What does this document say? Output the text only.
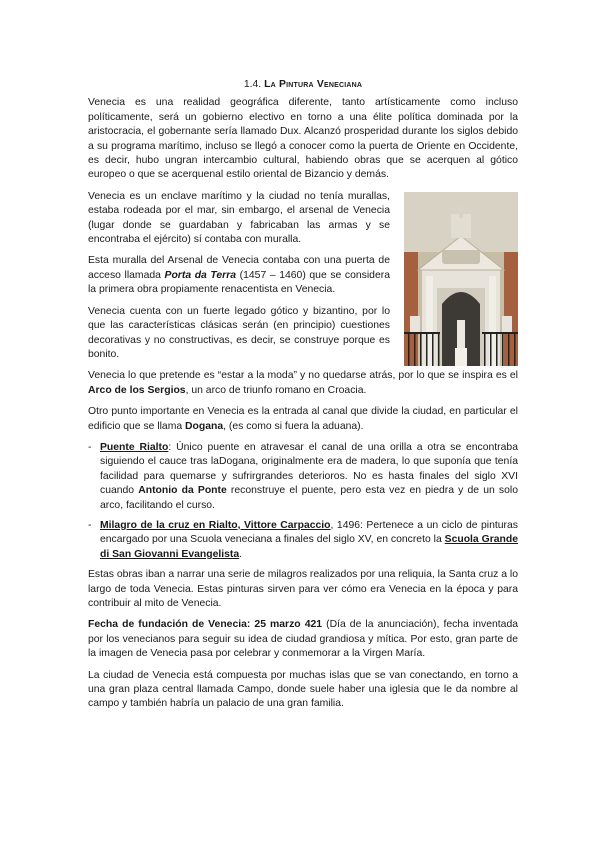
1.4. La Pintura Veneciana

Venecia es una realidad geográfica diferente, tanto artísticamente como incluso políticamente, será un gobierno electivo en torno a una élite política dominada por la aristocracia, el gobernante sería llamado Dux. Alcanzó prosperidad durante los siglos debido a su programa marítimo, incluso se llegó a conocer como la puerta de Oriente en Occidente, es decir, hubo ungran intercambio cultural, habiendo obras que se acerquen al gótico europeo o que se acerquenal estilo oriental de Bizancio y demás.

Venecia es un enclave marítimo y la ciudad no tenía murallas, estaba rodeada por el mar, sin embargo, el arsenal de Venecia (lugar donde se guardaban y fabricaban las armas y se encontraba el ejército) sí contaba con muralla.

Esta muralla del Arsenal de Venecia contaba con una puerta de acceso llamada Porta da Terra (1457 – 1460) que se considera la primera obra propiamente renacentista en Venecia.

Venecia cuenta con un fuerte legado gótico y bizantino, por lo que las características clásicas serán (en principio) cuestiones decorativas y no constructivas, es decir, se construye porque es bonito.

Venecia lo que pretende es “estar a la moda” y no quedarse atrás, por lo que se inspira es el Arco de los Sergios, un arco de triunfo romano en Croacia.

Otro punto importante en Venecia es la entrada al canal que divide la ciudad, en particular el edificio que se llama Dogana, (es como si fuera la aduana).

- Puente Rialto: Único puente en atravesar el canal de una orilla a otra se encontraba siguiendo el cauce tras laDogana, originalmente era de madera, lo que suponía que tenía facilidad para quemarse y sufrirgrandes deterioros. No es hasta finales del siglo XVI cuando Antonio da Ponte reconstruye el puente, pero esta vez en piedra y de un solo arco, facilitando el curso.
- Milagro de la cruz en Rialto, Vittore Carpaccio, 1496: Pertenece a un ciclo de pinturas encargado por una Scuola veneciana a finales del siglo XV, en concreto la Scuola Grande di San Giovanni Evangelista.

Estas obras iban a narrar una serie de milagros realizados por una reliquia, la Santa cruz a lo largo de toda Venecia. Estas pinturas sirven para ver cómo era Venecia en la época y para contribuir al mito de Venecia.

Fecha de fundación de Venecia: 25 marzo 421 (Día de la anunciación), fecha inventada por los venecianos para seguir su idea de ciudad grandiosa y mítica. Por esto, gran parte de la imagen de Venecia pasa por celebrar y conmemorar a la Virgen María.

La ciudad de Venecia está compuesta por muchas islas que se van conectando, en torno a una gran plaza central llamada Campo, donde suele haber una iglesia que le da nombre al campo y también habría un palacio de una gran familia.
